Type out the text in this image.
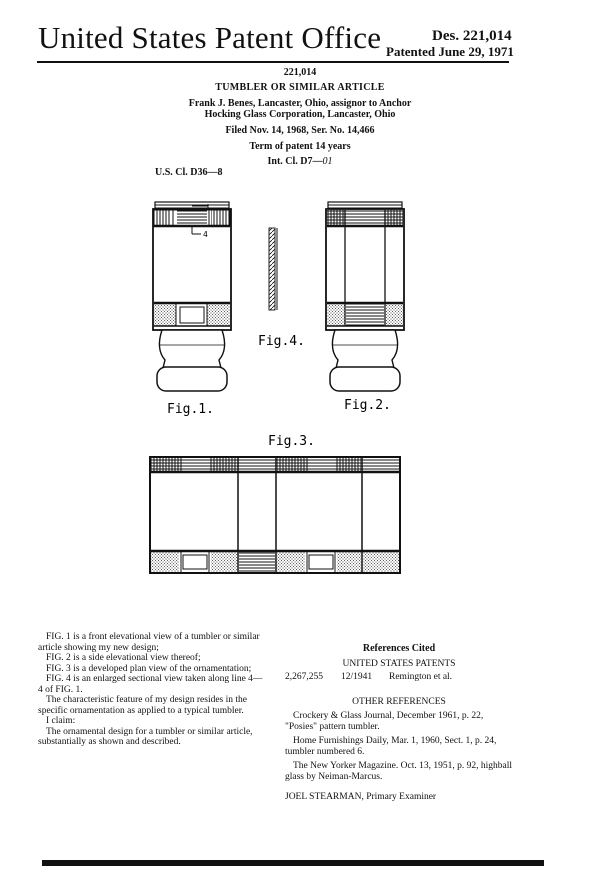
United States Patent Office	Des. 221,014
Patented June 29, 1971
221,014
TUMBLER OR SIMILAR ARTICLE
Frank J. Benes, Lancaster, Ohio, assignor to Anchor
Hocking Glass Corporation, Lancaster, Ohio
Filed Nov. 14, 1968, Ser. No. 14,466
Term of patent 14 years
Int. Cl. D7—01
U.S. Cl. D36—8
4
Fig.4.
Fig.1.	Fig.2.
Fig.3.

FIG. 1 is a front elevational view of a tumbler or similar article showing my new design;

FIG. 2 is a side elevational view thereof;

FIG. 3 is a developed plan view of the ornamentation;

FIG. 4 is an enlarged sectional view taken along line 4—4 of FIG. 1.

The characteristic feature of my design resides in the specific ornamentation as applied to a typical tumbler.

I claim:

The ornamental design for a tumbler or similar article, substantially as shown and described.

References Cited
UNITED STATES PATENTS
2,267,255	12/1941	Remington et al.
OTHER REFERENCES

Crockery & Glass Journal, December 1961, p. 22, "Posies" pattern tumbler.

Home Furnishings Daily, Mar. 1, 1960, Sect. 1, p. 24, tumbler numbered 6.

The New Yorker Magazine. Oct. 13, 1951, p. 92, highball glass by Neiman-Marcus.

JOEL STEARMAN, Primary Examiner
